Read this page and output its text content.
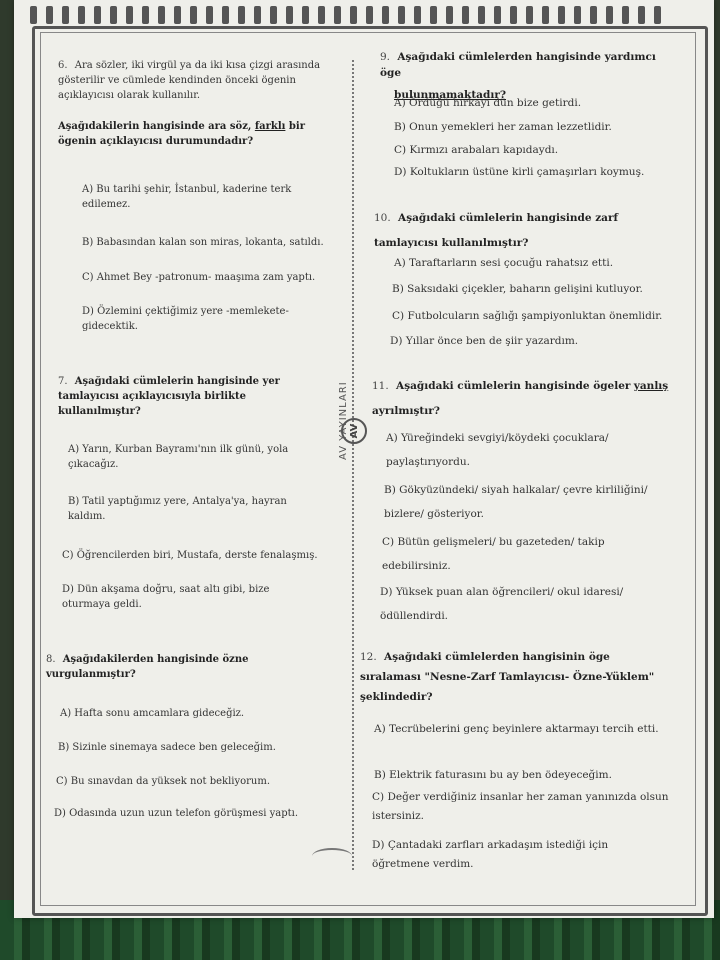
AV YAYINLARI AV
6. Ara sözler, iki virgül ya da iki kısa çizgi arasında gösterilir ve cümlede kendinden önceki ögenin açıklayıcısı olarak kullanılır.
Aşağıdakilerin hangisinde ara söz, farklı bir ögenin açıklayıcısı durumundadır?
A) Bu tarihi şehir, İstanbul, kaderine terk edilemez.
B) Babasından kalan son miras, lokanta, satıldı.
C) Ahmet Bey -patronum- maaşıma zam yaptı.
D) Özlemini çektiğimiz yere -memlekete- gidecektik.
7. Aşağıdaki cümlelerin hangisinde yer tamlayıcısı açıklayıcısıyla birlikte kullanılmıştır?
A) Yarın, Kurban Bayramı'nın ilk günü, yola çıkacağız.
B) Tatil yaptığımız yere, Antalya'ya, hayran kaldım.
C) Öğrencilerden biri, Mustafa, derste fenalaşmış.
D) Dün akşama doğru, saat altı gibi, bize oturmaya geldi.
8. Aşağıdakilerden hangisinde özne vurgulanmıştır?
A) Hafta sonu amcamlara gideceğiz.
B) Sizinle sinemaya sadece ben geleceğim.
C) Bu sınavdan da yüksek not bekliyorum.
D) Odasında uzun uzun telefon görüşmesi yaptı.
9. Aşağıdaki cümlelerden hangisinde yardımcı öge
bulunmamaktadır?
A) Ördüğü hırkayı dün bize getirdi.
B) Onun yemekleri her zaman lezzetlidir.
C) Kırmızı arabaları kapıdaydı.
D) Koltukların üstüne kirli çamaşırları koymuş.
10. Aşağıdaki cümlelerin hangisinde zarf tamlayıcısı kullanılmıştır?
A) Taraftarların sesi çocuğu rahatsız etti.
B) Saksıdaki çiçekler, baharın gelişini kutluyor.
C) Futbolcuların sağlığı şampiyonluktan önemlidir.
D) Yıllar önce ben de şiir yazardım.
11. Aşağıdaki cümlelerin hangisinde ögeler yanlış ayrılmıştır?
A) Yüreğindeki sevgiyi/köydeki çocuklara/ paylaştırıyordu.
B) Gökyüzündeki/ siyah halkalar/ çevre kirliliğini/ bizlere/ gösteriyor.
C) Bütün gelişmeleri/ bu gazeteden/ takip edebilirsiniz.
D) Yüksek puan alan öğrencileri/ okul idaresi/ ödüllendirdi.
12. Aşağıdaki cümlelerden hangisinin öge sıralaması "Nesne-Zarf Tamlayıcısı- Özne-Yüklem" şeklindedir?
A) Tecrübelerini genç beyinlere aktarmayı tercih etti.
B) Elektrik faturasını bu ay ben ödeyeceğim.
C) Değer verdiğiniz insanlar her zaman yanınızda olsun istersiniz.
D) Çantadaki zarfları arkadaşım istediği için öğretmene verdim.
